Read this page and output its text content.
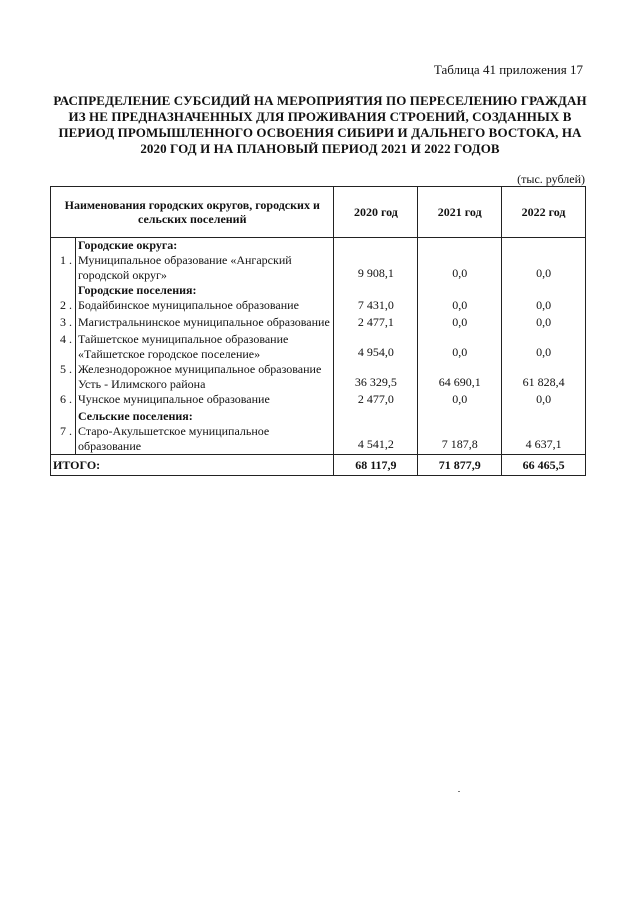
Таблица 41 приложения 17
РАСПРЕДЕЛЕНИЕ СУБСИДИЙ НА МЕРОПРИЯТИЯ ПО ПЕРЕСЕЛЕНИЮ ГРАЖДАН ИЗ НЕ ПРЕДНАЗНАЧЕННЫХ ДЛЯ ПРОЖИВАНИЯ СТРОЕНИЙ, СОЗДАННЫХ В ПЕРИОД ПРОМЫШЛЕННОГО ОСВОЕНИЯ СИБИРИ И ДАЛЬНЕГО ВОСТОКА, НА 2020 ГОД И НА ПЛАНОВЫЙ ПЕРИОД 2021 И 2022 ГОДОВ
(тыс. рублей)
Наименования городских округов, городских и сельских поселений		2020 год	2021 год	2022 год
	Городские округа:			
1 .	Муниципальное образование «Ангарский городской округ»	9 908,1	0,0	0,0
	Городские поселения:			
2 .	Бодайбинское муниципальное образование	7 431,0	0,0	0,0
3 .	Магистральнинское муниципальное образование	2 477,1	0,0	0,0
4 .	Тайшетское муниципальное образование «Тайшетское городское поселение»	4 954,0	0,0	0,0
5 .	Железнодорожное муниципальное образование Усть - Илимского района	36 329,5	64 690,1	61 828,4
6 .	Чунское муниципальное образование	2 477,0	0,0	0,0
	Сельские поселения:			
7 .	Старо-Акульшетское муниципальное образование	4 541,2	7 187,8	4 637,1
ИТОГО:		68 117,9	71 877,9	66 465,5
